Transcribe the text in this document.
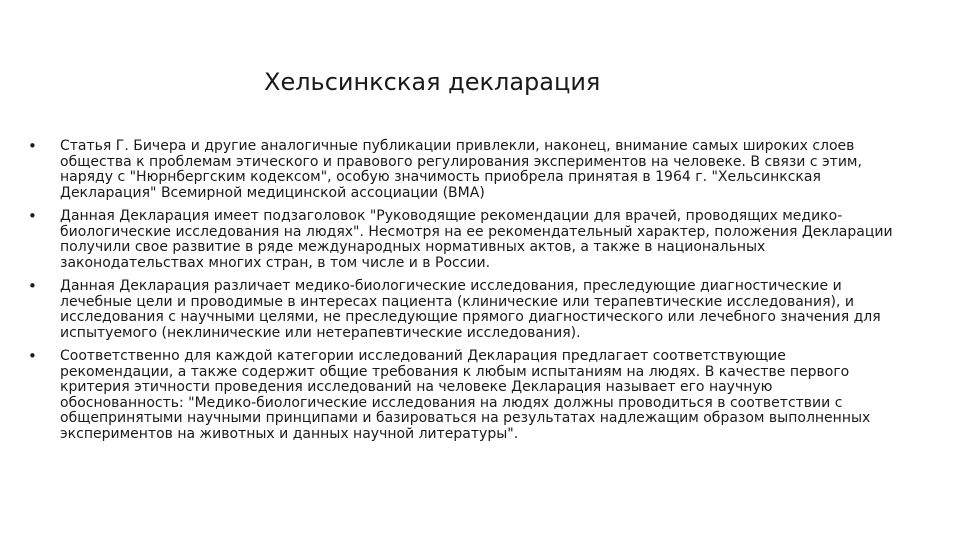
Хельсинкская декларация
• Статья Г. Бичера и другие аналогичные публикации привлекли, наконец, внимание самых широких слоев общества к проблемам этического и правового регулирования экспериментов на человеке. В связи с этим, наряду с "Нюрнбергским кодексом", особую значимость приобрела принятая в 1964 г. "Хельсинкская Декларация" Всемирной медицинской ассоциации (ВМА)
• Данная Декларация имеет подзаголовок "Руководящие рекомендации для врачей, проводящих медико-биологические исследования на людях". Несмотря на ее рекомендательный характер, положения Декларации получили свое развитие в ряде международных нормативных актов, а также в национальных законодательствах многих стран, в том числе и в России.
• Данная Декларация различает медико-биологические исследования, преследующие диагностические и лечебные цели и проводимые в интересах пациента (клинические или терапевтические исследования), и исследования с научными целями, не преследующие прямого диагностического или лечебного значения для испытуемого (неклинические или нетерапевтические исследования).
• Соответственно для каждой категории исследований Декларация предлагает соответствующие рекомендации, а также содержит общие требования к любым испытаниям на людях. В качестве первого критерия этичности проведения исследований на человеке Декларация называет его научную обоснованность: "Медико-биологические исследования на людях должны проводиться в соответствии с общепринятыми научными принципами и базироваться на результатах надлежащим образом выполненных экспериментов на животных и данных научной литературы".
